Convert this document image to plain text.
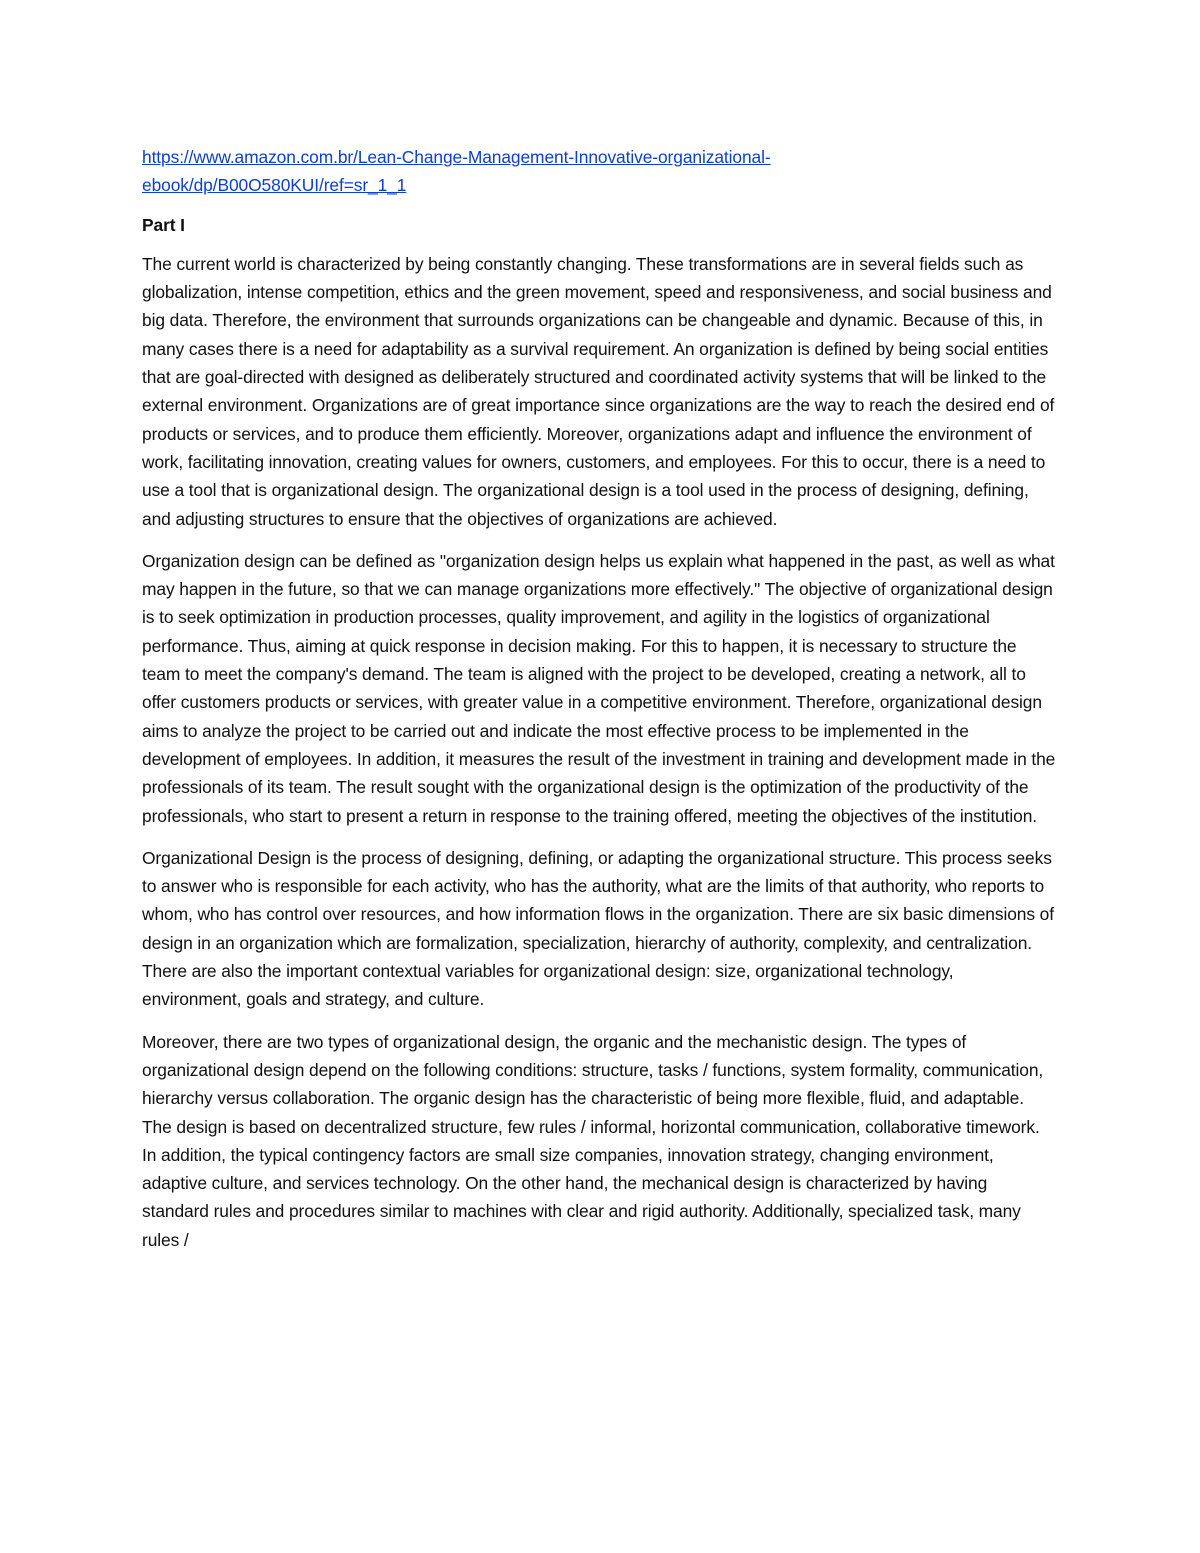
https://www.amazon.com.br/Lean-Change-Management-Innovative-organizational-
ebook/dp/B00O580KUI/ref=sr_1_1

Part I

The current world is characterized by being constantly changing. These transformations are in several fields such as globalization, intense competition, ethics and the green movement, speed and responsiveness, and social business and big data. Therefore, the environment that surrounds organizations can be changeable and dynamic. Because of this, in many cases there is a need for adaptability as a survival requirement. An organization is defined by being social entities that are goal-directed with designed as deliberately structured and coordinated activity systems that will be linked to the external environment. Organizations are of great importance since organizations are the way to reach the desired end of products or services, and to produce them efficiently. Moreover, organizations adapt and influence the environment of work, facilitating innovation, creating values for owners, customers, and employees. For this to occur, there is a need to use a tool that is organizational design. The organizational design is a tool used in the process of designing, defining, and adjusting structures to ensure that the objectives of organizations are achieved.

Organization design can be defined as "organization design helps us explain what happened in the past, as well as what may happen in the future, so that we can manage organizations more effectively." The objective of organizational design is to seek optimization in production processes, quality improvement, and agility in the logistics of organizational performance. Thus, aiming at quick response in decision making. For this to happen, it is necessary to structure the team to meet the company's demand. The team is aligned with the project to be developed, creating a network, all to offer customers products or services, with greater value in a competitive environment. Therefore, organizational design aims to analyze the project to be carried out and indicate the most effective process to be implemented in the development of employees. In addition, it measures the result of the investment in training and development made in the professionals of its team. The result sought with the organizational design is the optimization of the productivity of the professionals, who start to present a return in response to the training offered, meeting the objectives of the institution.

Organizational Design is the process of designing, defining, or adapting the organizational structure. This process seeks to answer who is responsible for each activity, who has the authority, what are the limits of that authority, who reports to whom, who has control over resources, and how information flows in the organization. There are six basic dimensions of design in an organization which are formalization, specialization, hierarchy of authority, complexity, and centralization. There are also the important contextual variables for organizational design: size, organizational technology, environment, goals and strategy, and culture.

Moreover, there are two types of organizational design, the organic and the mechanistic design. The types of organizational design depend on the following conditions: structure, tasks / functions, system formality, communication, hierarchy versus collaboration. The organic design has the characteristic of being more flexible, fluid, and adaptable. The design is based on decentralized structure, few rules / informal, horizontal communication, collaborative timework. In addition, the typical contingency factors are small size companies, innovation strategy, changing environment, adaptive culture, and services technology. On the other hand, the mechanical design is characterized by having standard rules and procedures similar to machines with clear and rigid authority. Additionally, specialized task, many rules /
